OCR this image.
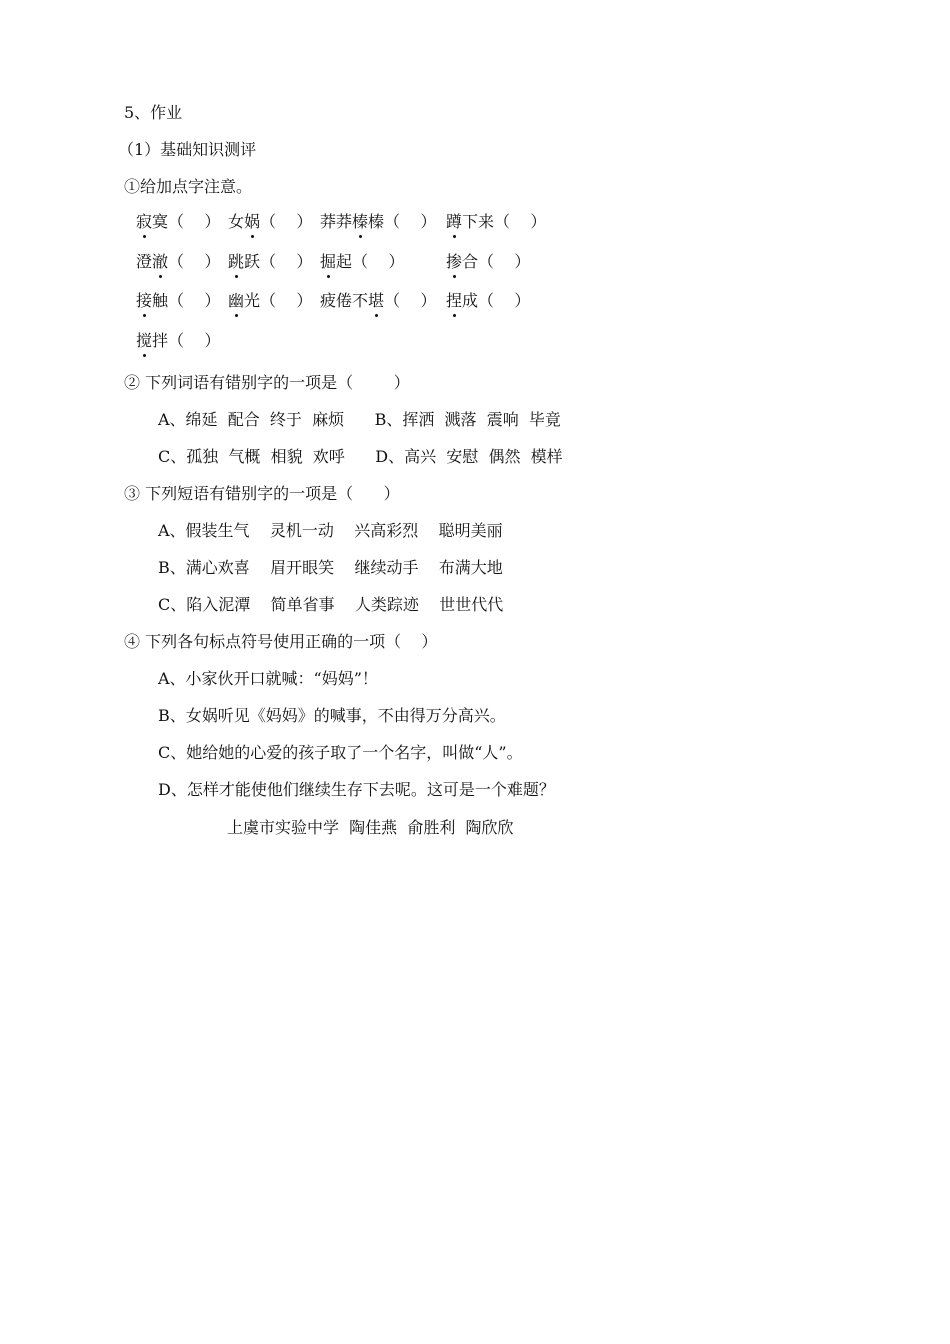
5、作业
（1）基础知识测评
①给加点字注意。
寂寞（    ） 女娲（    ） 莽莽榛榛（    ） 蹲下来（    ）
澄澈（    ） 跳跃（    ） 掘起（    ）	掺合（    ）
接触（    ） 幽光（    ） 疲倦不堪（    ） 捏成（    ）
搅拌（    ）
② 下列词语有错别字的一项是（        ）
A、绵延  配合  终于  麻烦      B、挥洒  溅落  震响  毕竟
C、孤独  气概  相貌  欢呼      D、高兴  安慰  偶然  模样
③ 下列短语有错别字的一项是（      ）
A、假装生气    灵机一动    兴高彩烈    聪明美丽
B、满心欢喜    眉开眼笑    继续动手    布满大地
C、陷入泥潭    简单省事    人类踪迹    世世代代
④ 下列各句标点符号使用正确的一项（    ）
A、小家伙开口就喊：“妈妈”！
B、女娲听见《妈妈》的喊事，不由得万分高兴。
C、她给她的心爱的孩子取了一个名字，叫做“人”。
D、怎样才能使他们继续生存下去呢。这可是一个难题？
上虞市实验中学  陶佳燕  俞胜利  陶欣欣
